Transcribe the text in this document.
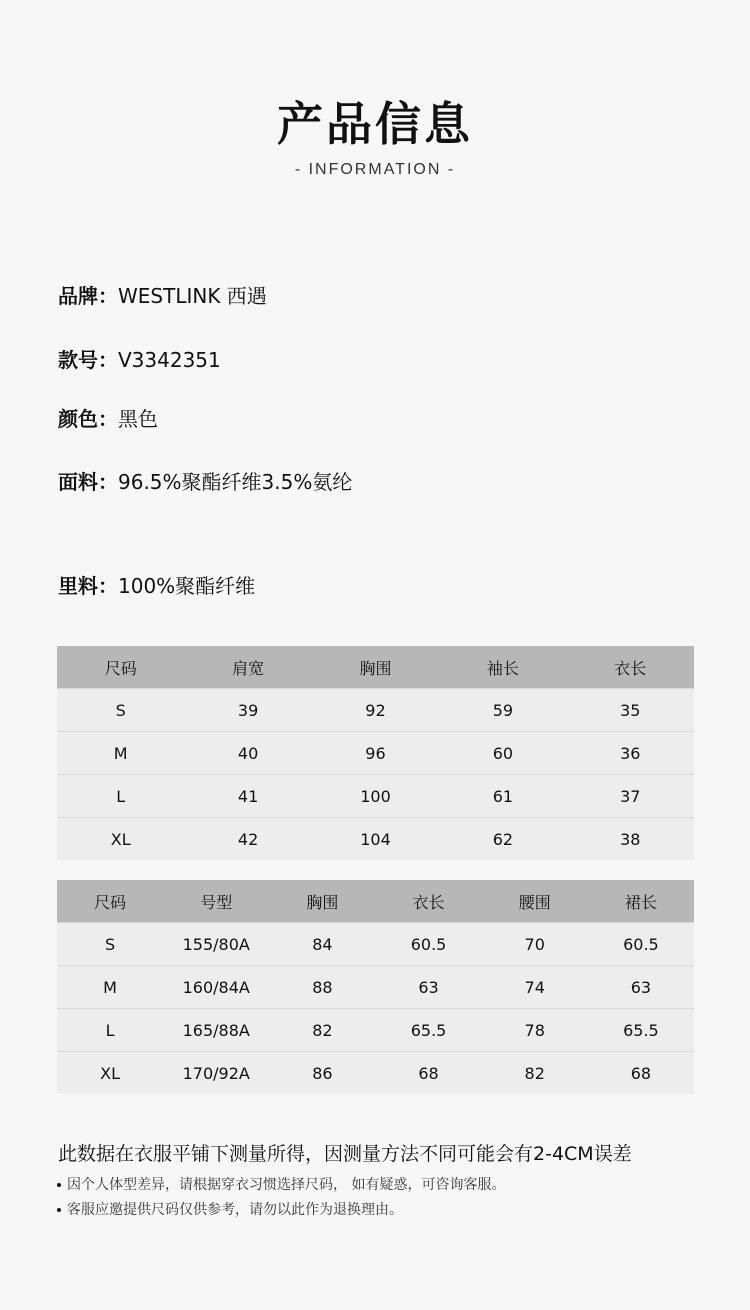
产品信息
- INFORMATION -
品牌：WESTLINK 西遇
款号：V3342351
颜色：黑色
面料：96.5%聚酯纤维3.5%氨纶
里料：100%聚酯纤维
尺码	肩宽	胸围	袖长	衣长
S	39	92	59	35
M	40	96	60	36
L	41	100	61	37
XL	42	104	62	38
尺码	号型	胸围	衣长	腰围	裙长
S	155/80A	84	60.5	70	60.5
M	160/84A	88	63	74	63
L	165/88A	82	65.5	78	65.5
XL	170/92A	86	68	82	68
此数据在衣服平铺下测量所得，因测量方法不同可能会有2-4CM误差
因个人体型差异，请根据穿衣习惯选择尺码， 如有疑惑，可咨询客服。
客服应邀提供尺码仅供参考，请勿以此作为退换理由。
